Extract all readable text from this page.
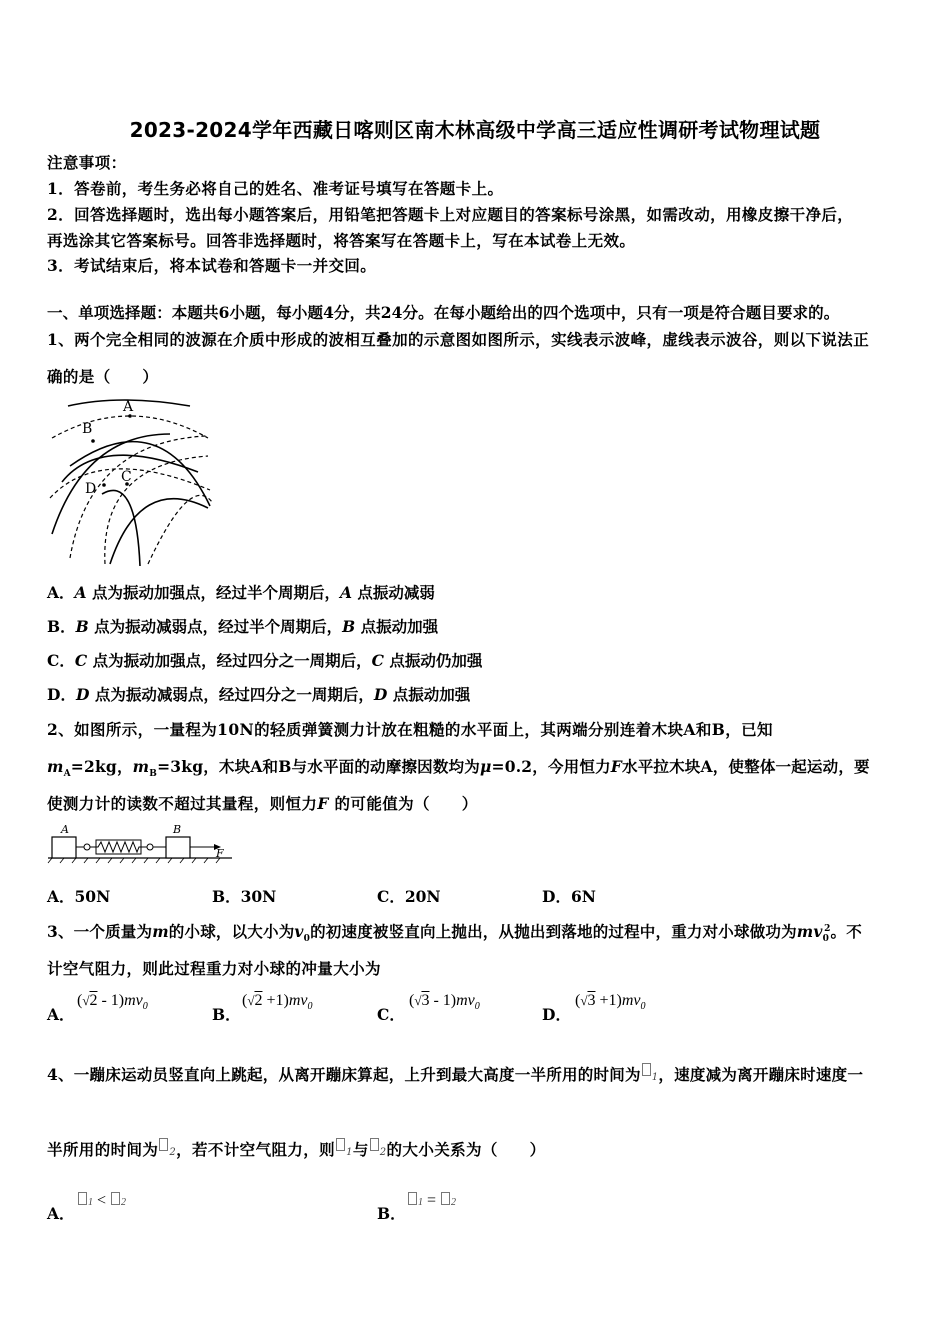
2023-2024学年西藏日喀则区南木林高级中学高三适应性调研考试物理试题
注意事项：
1．答卷前，考生务必将自己的姓名、准考证号填写在答题卡上。
2．回答选择题时，选出每小题答案后，用铅笔把答题卡上对应题目的答案标号涂黑，如需改动，用橡皮擦干净后，
再选涂其它答案标号。回答非选择题时，将答案写在答题卡上，写在本试卷上无效。
3．考试结束后，将本试卷和答题卡一并交回。
一、单项选择题：本题共6小题，每小题4分，共24分。在每小题给出的四个选项中，只有一项是符合题目要求的。
1、两个完全相同的波源在介质中形成的波相互叠加的示意图如图所示，实线表示波峰，虚线表示波谷，则以下说法正
确的是（　　）
A
B
C
D
A．A 点为振动加强点，经过半个周期后，A 点振动减弱
B．B 点为振动减弱点，经过半个周期后，B 点振动加强
C．C 点为振动加强点，经过四分之一周期后，C 点振动仍加强
D．D 点为振动减弱点，经过四分之一周期后，D 点振动加强
2、如图所示，一量程为10N的轻质弹簧测力计放在粗糙的水平面上，其两端分别连着木块A和B，已知
$m_A=2kg$，$m_B=3kg$，木块A和B与水平面的动摩擦因数均为μ=0.2，今用恒力F水平拉木块A，使整体一起运动，要
使测力计的读数不超过其量程，则恒力F 的可能值为（　　）
A	B
F
A．50N	B．30N	C．20N	D．6N
3、一个质量为m的小球，以大小为$v_0$的初速度被竖直向上抛出，从抛出到落地的过程中，重力对小球做功为$mv_0^2$。不
计空气阻力，则此过程重力对小球的冲量大小为
A．
$(√2 - 1)mv_0$	B．
$(√2 +1)mv_0$	C．
$(√3 - 1)mv_0$	D．
$(√3 +1)mv_0$
4、一蹦床运动员竖直向上跳起，从离开蹦床算起，上升到最大高度一半所用的时间为 1，速度减为离开蹦床时速度一
半所用的时间为 2，若不计空气阻力，则 1与 2的大小关系为（　　）
A．
1 < 2
B．
1 = 2
